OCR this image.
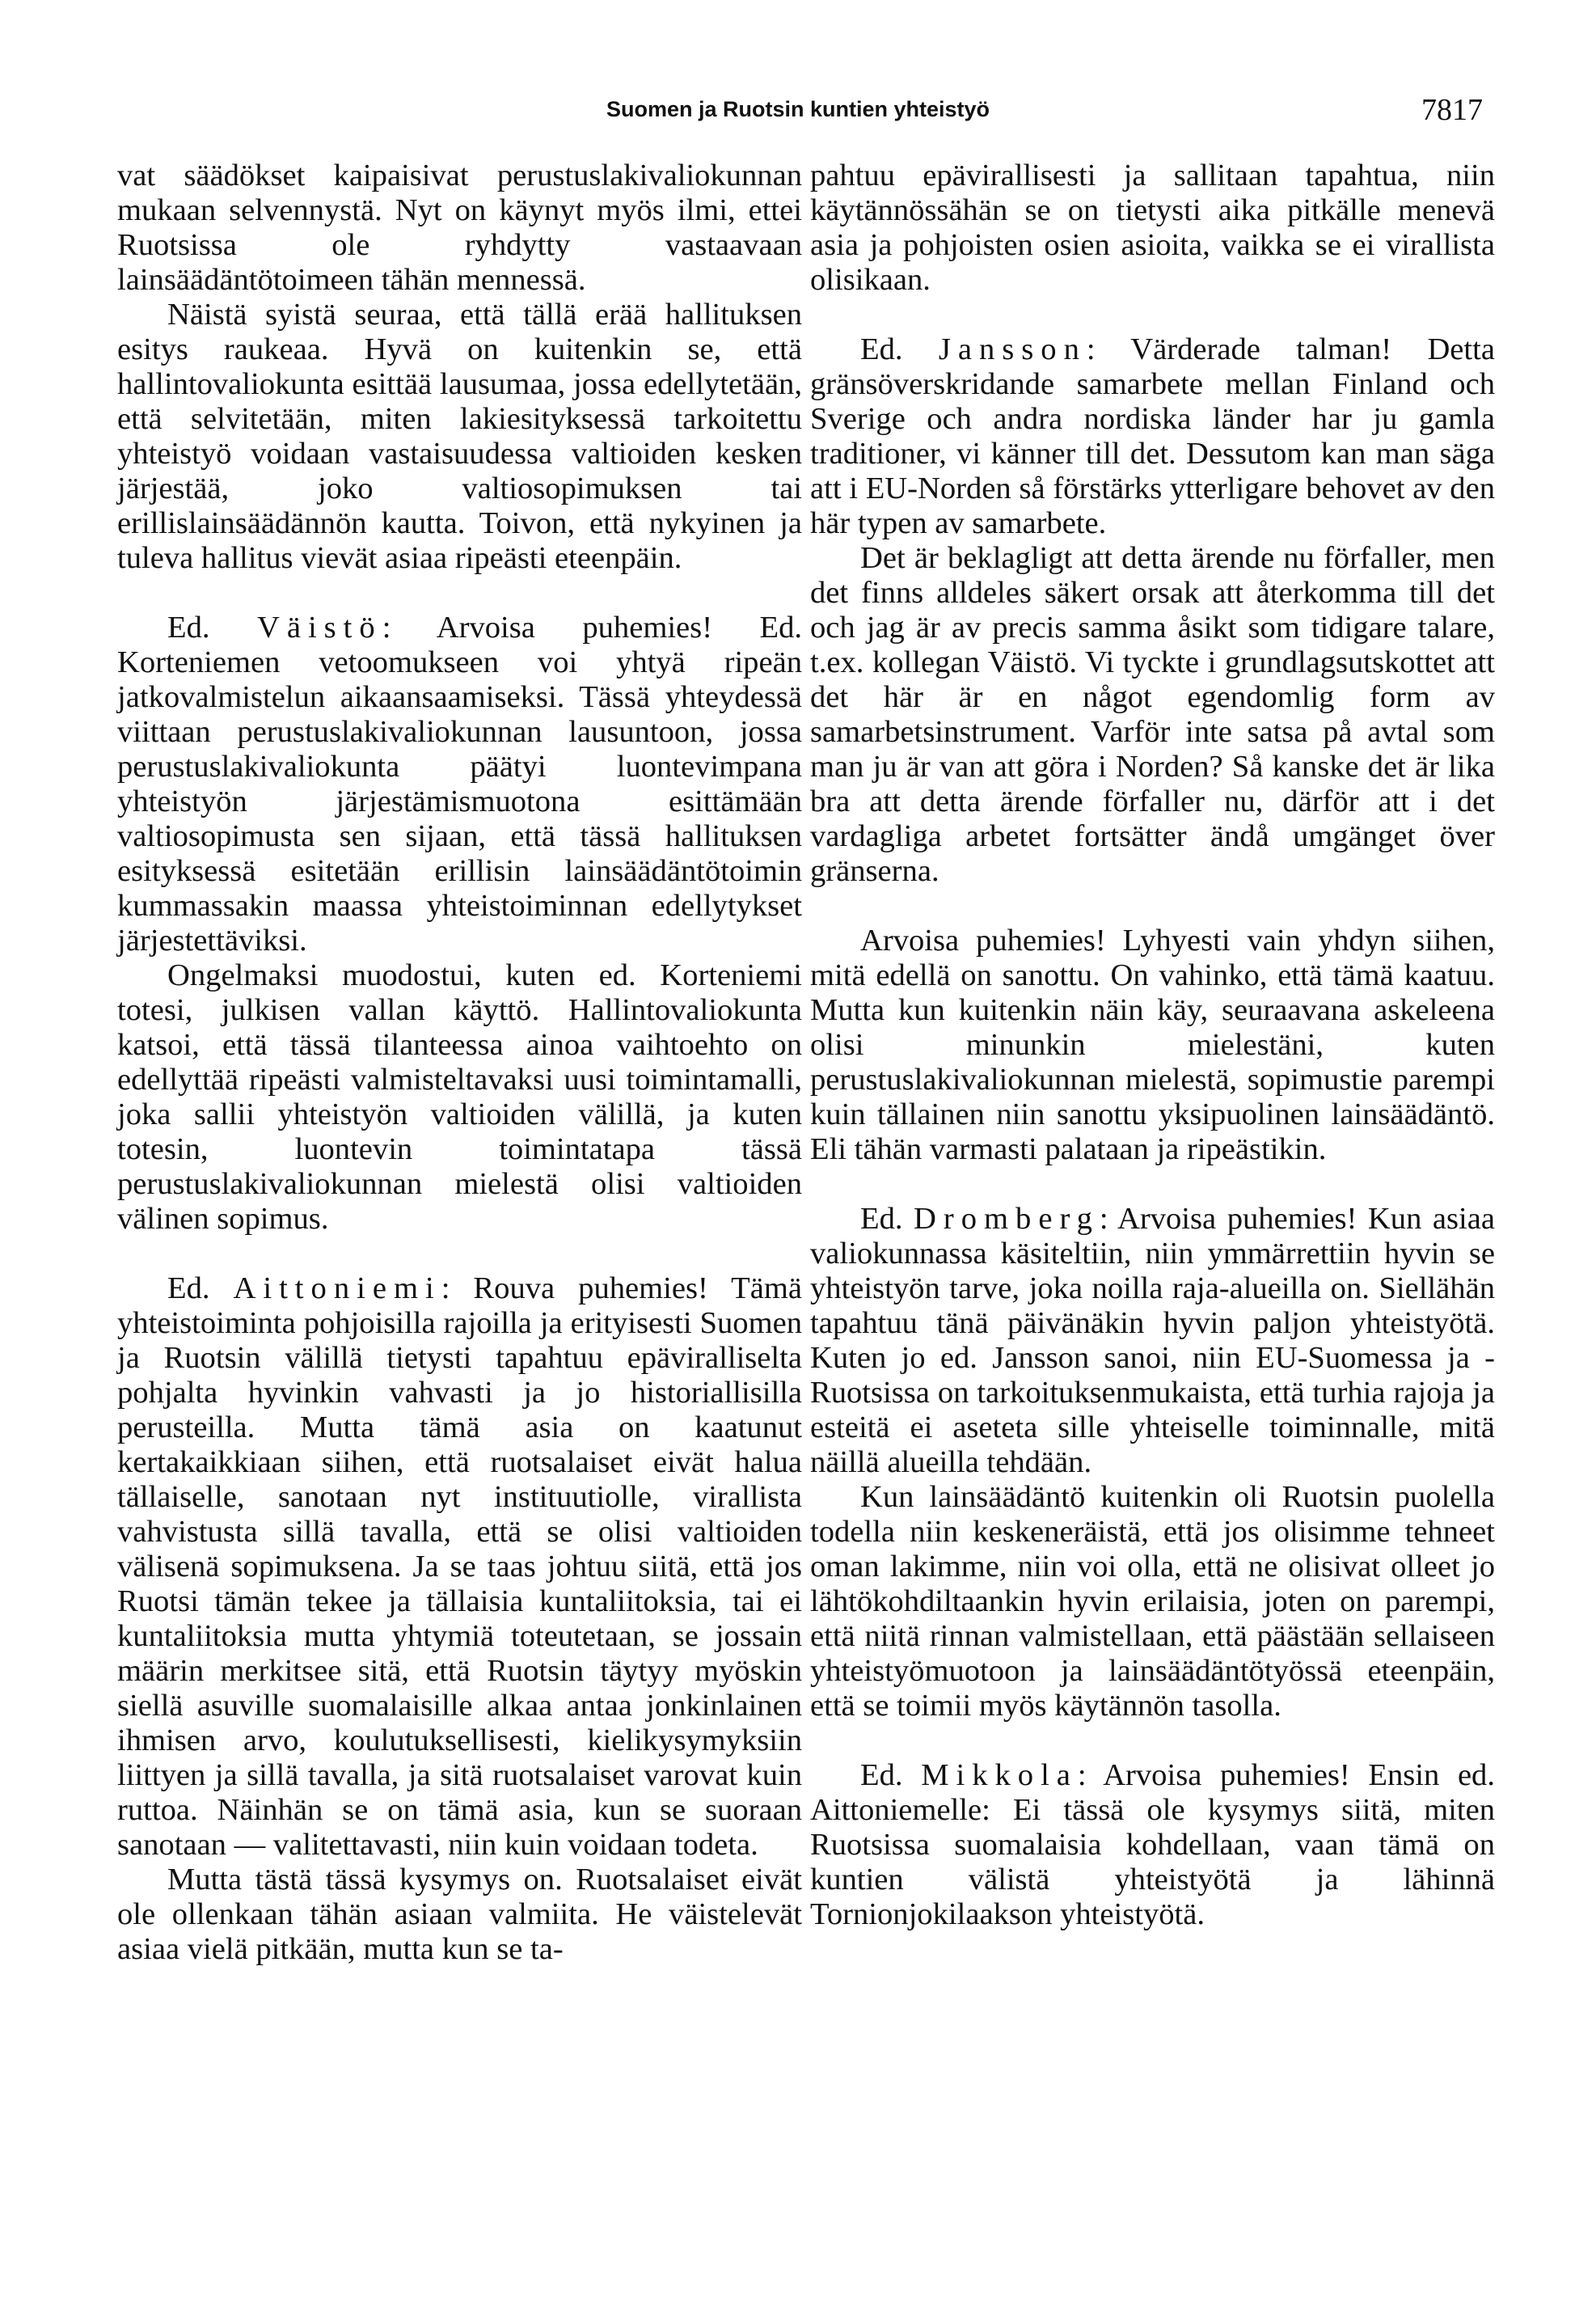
Suomen ja Ruotsin kuntien yhteistyö	7817

vat säädökset kaipaisivat perustuslakivaliokunnan mukaan selvennystä. Nyt on käynyt myös ilmi, ettei Ruotsissa ole ryhdytty vastaavaan lainsäädäntötoimeen tähän mennessä.

Näistä syistä seuraa, että tällä erää hallituksen esitys raukeaa. Hyvä on kuitenkin se, että hallintovaliokunta esittää lausumaa, jossa edellytetään, että selvitetään, miten lakiesityksessä tarkoitettu yhteistyö voidaan vastaisuudessa valtioiden kesken järjestää, joko valtiosopimuksen tai erillislainsäädännön kautta. Toivon, että nykyinen ja tuleva hallitus vievät asiaa ripeästi eteenpäin.

Ed. Väistö: Arvoisa puhemies! Ed. Korteniemen vetoomukseen voi yhtyä ripeän jatkovalmistelun aikaansaamiseksi. Tässä yhteydessä viittaan perustuslakivaliokunnan lausuntoon, jossa perustuslakivaliokunta päätyi luontevimpana yhteistyön järjestämismuotona esittämään valtiosopimusta sen sijaan, että tässä hallituksen esityksessä esitetään erillisin lainsäädäntötoimin kummassakin maassa yhteistoiminnan edellytykset järjestettäviksi.

Ongelmaksi muodostui, kuten ed. Korteniemi totesi, julkisen vallan käyttö. Hallintovaliokunta katsoi, että tässä tilanteessa ainoa vaihtoehto on edellyttää ripeästi valmisteltavaksi uusi toimintamalli, joka sallii yhteistyön valtioiden välillä, ja kuten totesin, luontevin toimintatapa tässä perustuslakivaliokunnan mielestä olisi valtioiden välinen sopimus.

Ed. Aittoniemi: Rouva puhemies! Tämä yhteistoiminta pohjoisilla rajoilla ja erityisesti Suomen ja Ruotsin välillä tietysti tapahtuu epäviralliselta pohjalta hyvinkin vahvasti ja jo historiallisilla perusteilla. Mutta tämä asia on kaatunut kertakaikkiaan siihen, että ruotsalaiset eivät halua tällaiselle, sanotaan nyt instituutiolle, virallista vahvistusta sillä tavalla, että se olisi valtioiden välisenä sopimuksena. Ja se taas johtuu siitä, että jos Ruotsi tämän tekee ja tällaisia kuntaliitoksia, tai ei kuntaliitoksia mutta yhtymiä toteutetaan, se jossain määrin merkitsee sitä, että Ruotsin täytyy myöskin siellä asuville suomalaisille alkaa antaa jonkinlainen ihmisen arvo, koulutuksellisesti, kielikysymyksiin liittyen ja sillä tavalla, ja sitä ruotsalaiset varovat kuin ruttoa. Näinhän se on tämä asia, kun se suoraan sanotaan — valitettavasti, niin kuin voidaan todeta.

Mutta tästä tässä kysymys on. Ruotsalaiset eivät ole ollenkaan tähän asiaan valmiita. He väistelevät asiaa vielä pitkään, mutta kun se ta-

pahtuu epävirallisesti ja sallitaan tapahtua, niin käytännössähän se on tietysti aika pitkälle menevä asia ja pohjoisten osien asioita, vaikka se ei virallista olisikaan.

Ed. Jansson: Värderade talman! Detta gränsöverskridande samarbete mellan Finland och Sverige och andra nordiska länder har ju gamla traditioner, vi känner till det. Dessutom kan man säga att i EU-Norden så förstärks ytterligare behovet av den här typen av samarbete.

Det är beklagligt att detta ärende nu förfaller, men det finns alldeles säkert orsak att återkomma till det och jag är av precis samma åsikt som tidigare talare, t.ex. kollegan Väistö. Vi tyckte i grundlagsutskottet att det här är en något egendomlig form av samarbetsinstrument. Varför inte satsa på avtal som man ju är van att göra i Norden? Så kanske det är lika bra att detta ärende förfaller nu, därför att i det vardagliga arbetet fortsätter ändå umgänget över gränserna.

Arvoisa puhemies! Lyhyesti vain yhdyn siihen, mitä edellä on sanottu. On vahinko, että tämä kaatuu. Mutta kun kuitenkin näin käy, seuraavana askeleena olisi minunkin mielestäni, kuten perustuslakivaliokunnan mielestä, sopimustie parempi kuin tällainen niin sanottu yksipuolinen lainsäädäntö. Eli tähän varmasti palataan ja ripeästikin.

Ed. Dromberg: Arvoisa puhemies! Kun asiaa valiokunnassa käsiteltiin, niin ymmärrettiin hyvin se yhteistyön tarve, joka noilla raja-alueilla on. Siellähän tapahtuu tänä päivänäkin hyvin paljon yhteistyötä. Kuten jo ed. Jansson sanoi, niin EU-Suomessa ja -Ruotsissa on tarkoituksenmukaista, että turhia rajoja ja esteitä ei aseteta sille yhteiselle toiminnalle, mitä näillä alueilla tehdään.

Kun lainsäädäntö kuitenkin oli Ruotsin puolella todella niin keskeneräistä, että jos olisimme tehneet oman lakimme, niin voi olla, että ne olisivat olleet jo lähtökohdiltaankin hyvin erilaisia, joten on parempi, että niitä rinnan valmistellaan, että päästään sellaiseen yhteistyömuotoon ja lainsäädäntötyössä eteenpäin, että se toimii myös käytännön tasolla.

Ed. Mikkola: Arvoisa puhemies! Ensin ed. Aittoniemelle: Ei tässä ole kysymys siitä, miten Ruotsissa suomalaisia kohdellaan, vaan tämä on kuntien välistä yhteistyötä ja lähinnä Tornionjokilaakson yhteistyötä.
